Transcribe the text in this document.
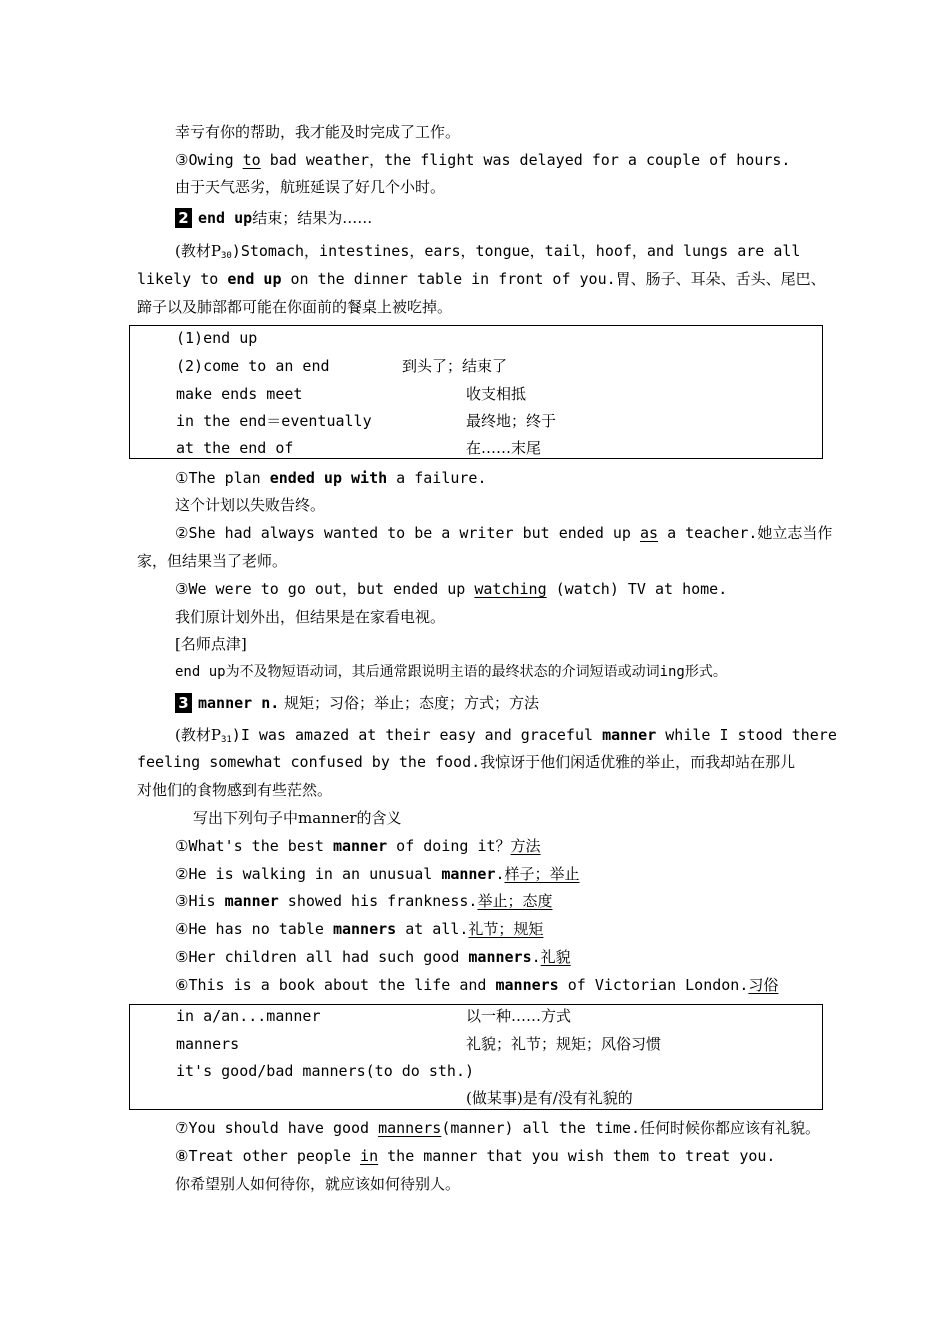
幸亏有你的帮助，我才能及时完成了工作。
③Owing to bad weather，the flight was delayed for a couple of hours.
由于天气恶劣，航班延误了好几个小时。
2 end up结束；结果为……
(教材$P_{30})Stomach$，intestines，ears，tongue，tail，hoof，and lungs are all
likely to end up on the dinner table in front of you.胃、肠子、耳朵、舌头、尾巴、
蹄子以及肺部都可能在你面前的餐桌上被吃掉。
(1)end up
(2)come to an end	到头了；结束了
make ends meet	收支相抵
in the end＝eventually	最终地；终于
at the end of	在……末尾
①The plan ended up with a failure.
这个计划以失败告终。
②She had always wanted to be a writer but ended up as a teacher.她立志当作
家，但结果当了老师。
③We were to go out，but ended up watching (watch) TV at home.
我们原计划外出，但结果是在家看电视。
[名师点津]
end up为不及物短语动词，其后通常跟说明主语的最终状态的介词短语或动词ing形式。
3 manner n. 规矩；习俗；举止；态度；方式；方法
(教材$P_{31})I$ was amazed at their easy and graceful manner while I stood there
feeling somewhat confused by the food.我惊讶于他们闲适优雅的举止，而我却站在那儿
对他们的食物感到有些茫然。
写出下列句子中manner的含义
①What's the best manner of doing it？方法
②He is walking in an unusual manner.样子；举止
③His manner showed his frankness.举止；态度
④He has no table manners at all.礼节；规矩
⑤Her children all had such good manners.礼貌
⑥This is a book about the life and manners of Victorian London.习俗
in a/an...manner	以一种……方式
manners	礼貌；礼节；规矩；风俗习惯
it's good/bad manners(to do sth.)
(做某事)是有/没有礼貌的
⑦You should have good manners(manner) all the time.任何时候你都应该有礼貌。
⑧Treat other people in the manner that you wish them to treat you.
你希望别人如何待你，就应该如何待别人。
